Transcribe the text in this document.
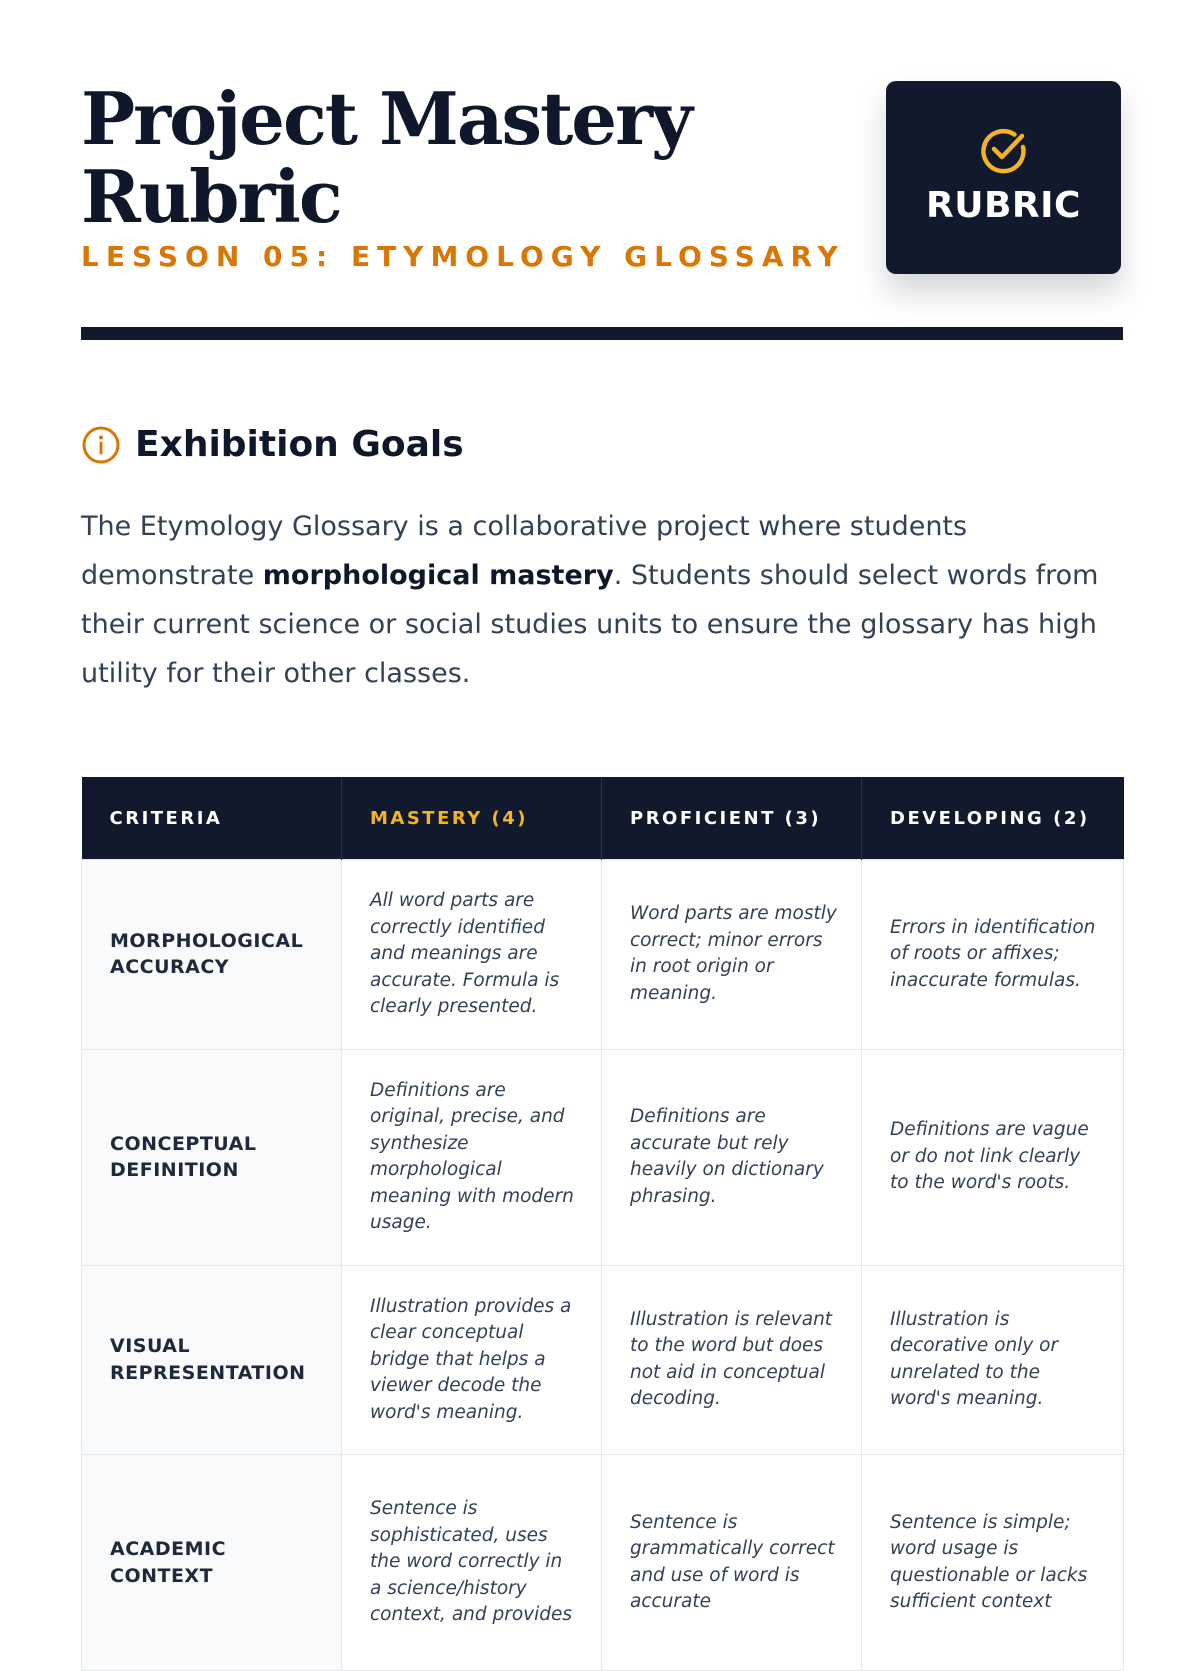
Project Mastery Rubric
LESSON 05: ETYMOLOGY GLOSSARY
RUBRIC
Exhibition Goals

The Etymology Glossary is a collaborative project where students demonstrate morphological mastery. Students should select words from their current science or social studies units to ensure the glossary has high utility for their other classes.

CRITERIA	MASTERY (4)	PROFICIENT (3)	DEVELOPING (2)
MORPHOLOGICAL ACCURACY	All word parts are correctly identified and meanings are accurate. Formula is clearly presented.	Word parts are mostly correct; minor errors in root origin or meaning.	Errors in identification of roots or affixes; inaccurate formulas.
CONCEPTUAL DEFINITION	Definitions are original, precise, and synthesize morphological meaning with modern usage.	Definitions are accurate but rely heavily on dictionary phrasing.	Definitions are vague or do not link clearly to the word's roots.
VISUAL REPRESENTATION	Illustration provides a clear conceptual bridge that helps a viewer decode the word's meaning.	Illustration is relevant to the word but does not aid in conceptual decoding.	Illustration is decorative only or unrelated to the word's meaning.
ACADEMIC CONTEXT	Sentence is sophisticated, uses the word correctly in a science/history context, and provides	Sentence is grammatically correct and use of word is accurate	Sentence is simple; word usage is questionable or lacks sufficient context
